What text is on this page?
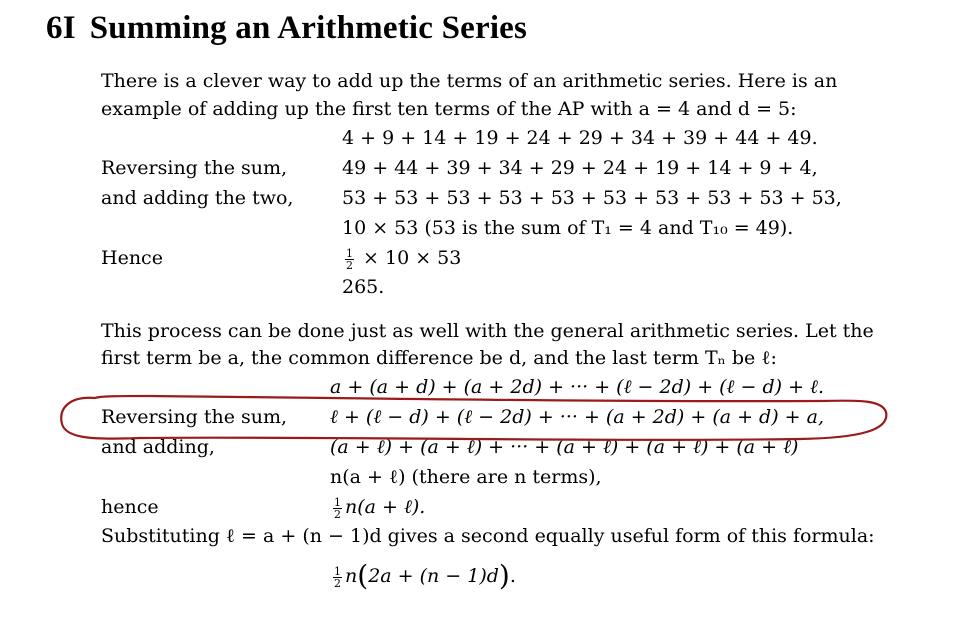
6I Summing an Arithmetic Series
There is a clever way to add up the terms of an arithmetic series. Here is an
example of adding up the first ten terms of the AP with a = 4 and d = 5:
4 + 9 + 14 + 19 + 24 + 29 + 34 + 39 + 44 + 49.
Reversing the sum,	49 + 44 + 39 + 34 + 29 + 24 + 19 + 14 + 9 + 4,
and adding the two,	53 + 53 + 53 + 53 + 53 + 53 + 53 + 53 + 53 + 53,
10 × 53 (53 is the sum of T₁ = 4 and T₁₀ = 49).
Hence	$\frac{1}{2} \times 10 \times 53$
265.
This process can be done just as well with the general arithmetic series. Let the
first term be a, the common difference be d, and the last term Tₙ be ℓ:
a + (a + d) + (a + 2d) + ··· + (ℓ − 2d) + (ℓ − d) + ℓ.
Reversing the sum, ℓ + (ℓ − d) + (ℓ − 2d) + ··· + (a + 2d) + (a + d) + a,
and adding,	(a + ℓ) + (a + ℓ) + ··· + (a + ℓ) + (a + ℓ) + (a + ℓ)
n(a + ℓ) (there are n terms),
hence	$\frac{1}{2} n(a$ + ℓ).
Substituting ℓ = a + (n − 1)d gives a second equally useful form of this formula:
$\frac{1}{2} n(2a + (n - 1)d)$.
